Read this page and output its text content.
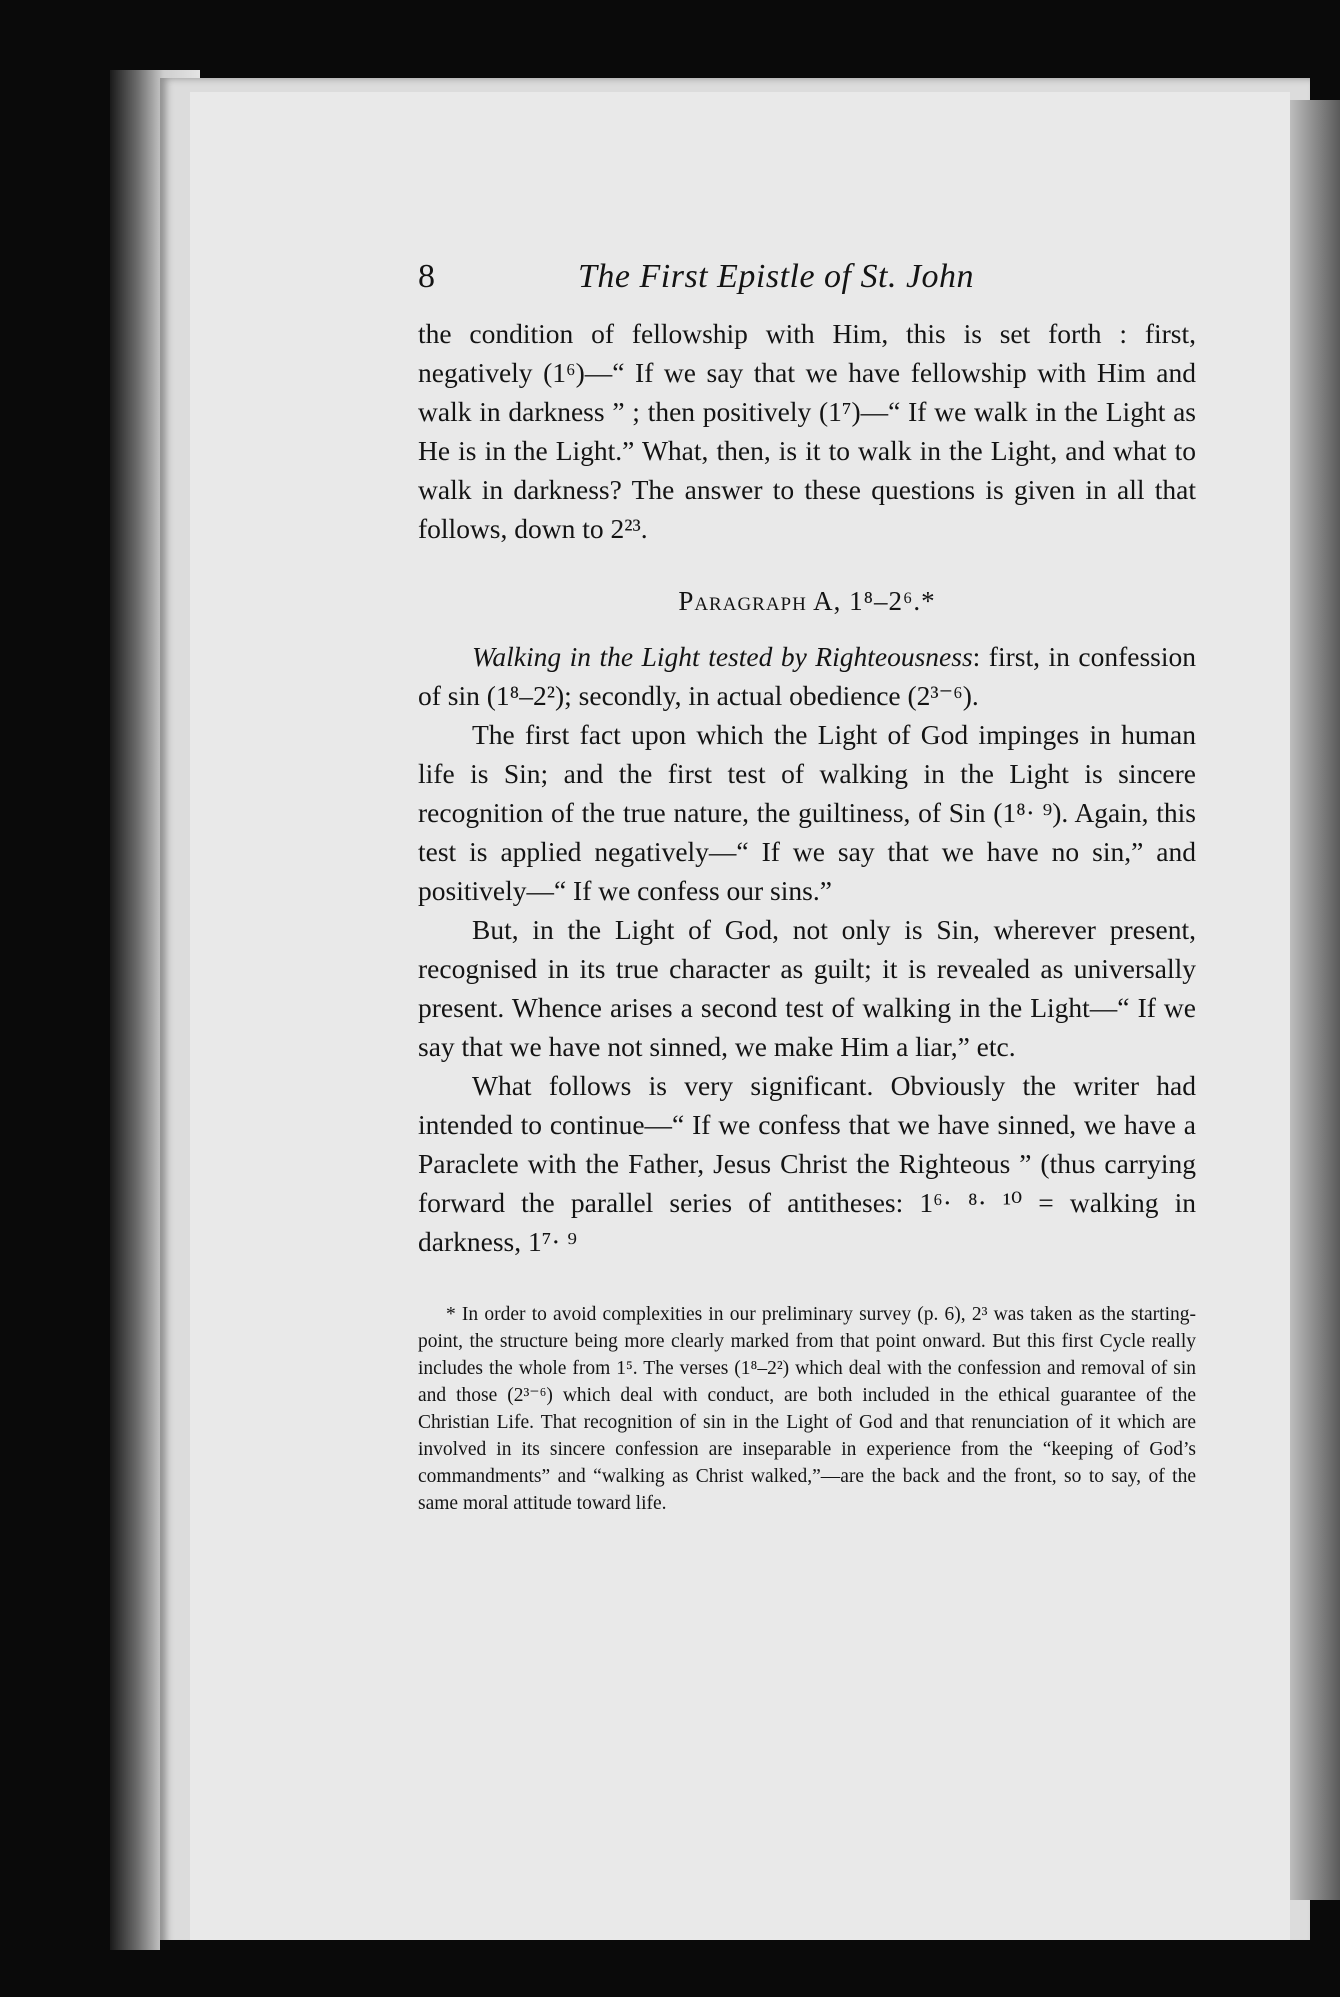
8	The First Epistle of St. John

the condition of fellowship with Him, this is set forth : first, negatively (1⁶)—“ If we say that we have fellowship with Him and walk in darkness ” ; then positively (1⁷)—“ If we walk in the Light as He is in the Light.” What, then, is it to walk in the Light, and what to walk in darkness? The answer to these questions is given in all that follows, down to 2²³.

Paragraph A, 1⁸–2⁶.*

Walking in the Light tested by Righteousness: first, in confession of sin (1⁸–2²); secondly, in actual obedience (2³⁻⁶).

The first fact upon which the Light of God impinges in human life is Sin; and the first test of walking in the Light is sincere recognition of the true nature, the guiltiness, of Sin (1⁸· ⁹). Again, this test is applied negatively—“ If we say that we have no sin,” and positively—“ If we confess our sins.”

But, in the Light of God, not only is Sin, wherever present, recognised in its true character as guilt; it is revealed as universally present. Whence arises a second test of walking in the Light—“ If we say that we have not sinned, we make Him a liar,” etc.

What follows is very significant. Obviously the writer had intended to continue—“ If we confess that we have sinned, we have a Paraclete with the Father, Jesus Christ the Righteous ” (thus carrying forward the parallel series of antitheses: 1⁶· ⁸· ¹⁰ = walking in darkness, 1⁷· ⁹

* In order to avoid complexities in our preliminary survey (p. 6), 2³ was taken as the starting-point, the structure being more clearly marked from that point onward. But this first Cycle really includes the whole from 1⁵. The verses (1⁸–2²) which deal with the confession and removal of sin and those (2³⁻⁶) which deal with conduct, are both included in the ethical guarantee of the Christian Life. That recognition of sin in the Light of God and that renunciation of it which are involved in its sincere confession are inseparable in experience from the “keeping of God’s commandments” and “walking as Christ walked,”—are the back and the front, so to say, of the same moral attitude toward life.
